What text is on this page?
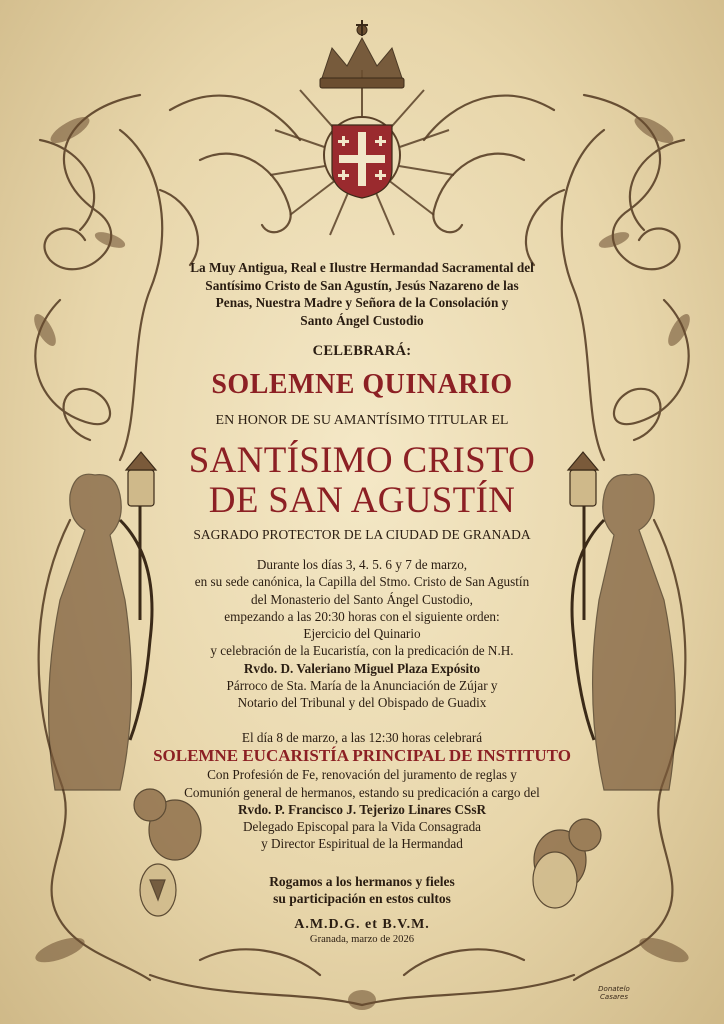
La Muy Antigua, Real e Ilustre Hermandad Sacramental del
Santísimo Cristo de San Agustín, Jesús Nazareno de las
Penas, Nuestra Madre y Señora de la Consolación y
Santo Ángel Custodio
CELEBRARÁ:
SOLEMNE QUINARIO
EN HONOR DE SU AMANTÍSIMO TITULAR EL
SANTÍSIMO CRISTO
DE SAN AGUSTÍN
SAGRADO PROTECTOR DE LA CIUDAD DE GRANADA
Durante los días 3, 4. 5. 6 y 7 de marzo,
en su sede canónica, la Capilla del Stmo. Cristo de San Agustín
del Monasterio del Santo Ángel Custodio,
empezando a las 20:30 horas con el siguiente orden:
Ejercicio del Quinario
y celebración de la Eucaristía, con la predicación de N.H.
Rvdo. D. Valeriano Miguel Plaza Expósito
Párroco de Sta. María de la Anunciación de Zújar y
Notario del Tribunal y del Obispado de Guadix
El día 8 de marzo, a las 12:30 horas celebrará
SOLEMNE EUCARISTÍA PRINCIPAL DE INSTITUTO
Con Profesión de Fe, renovación del juramento de reglas y
Comunión general de hermanos, estando su predicación a cargo del
Rvdo. P. Francisco J. Tejerizo Linares CSsR
Delegado Episcopal para la Vida Consagrada
y Director Espiritual de la Hermandad
Rogamos a los hermanos y fieles
su participación en estos cultos
A.M.D.G. et B.V.M.
Granada, marzo de 2026
Donatelo Casares
